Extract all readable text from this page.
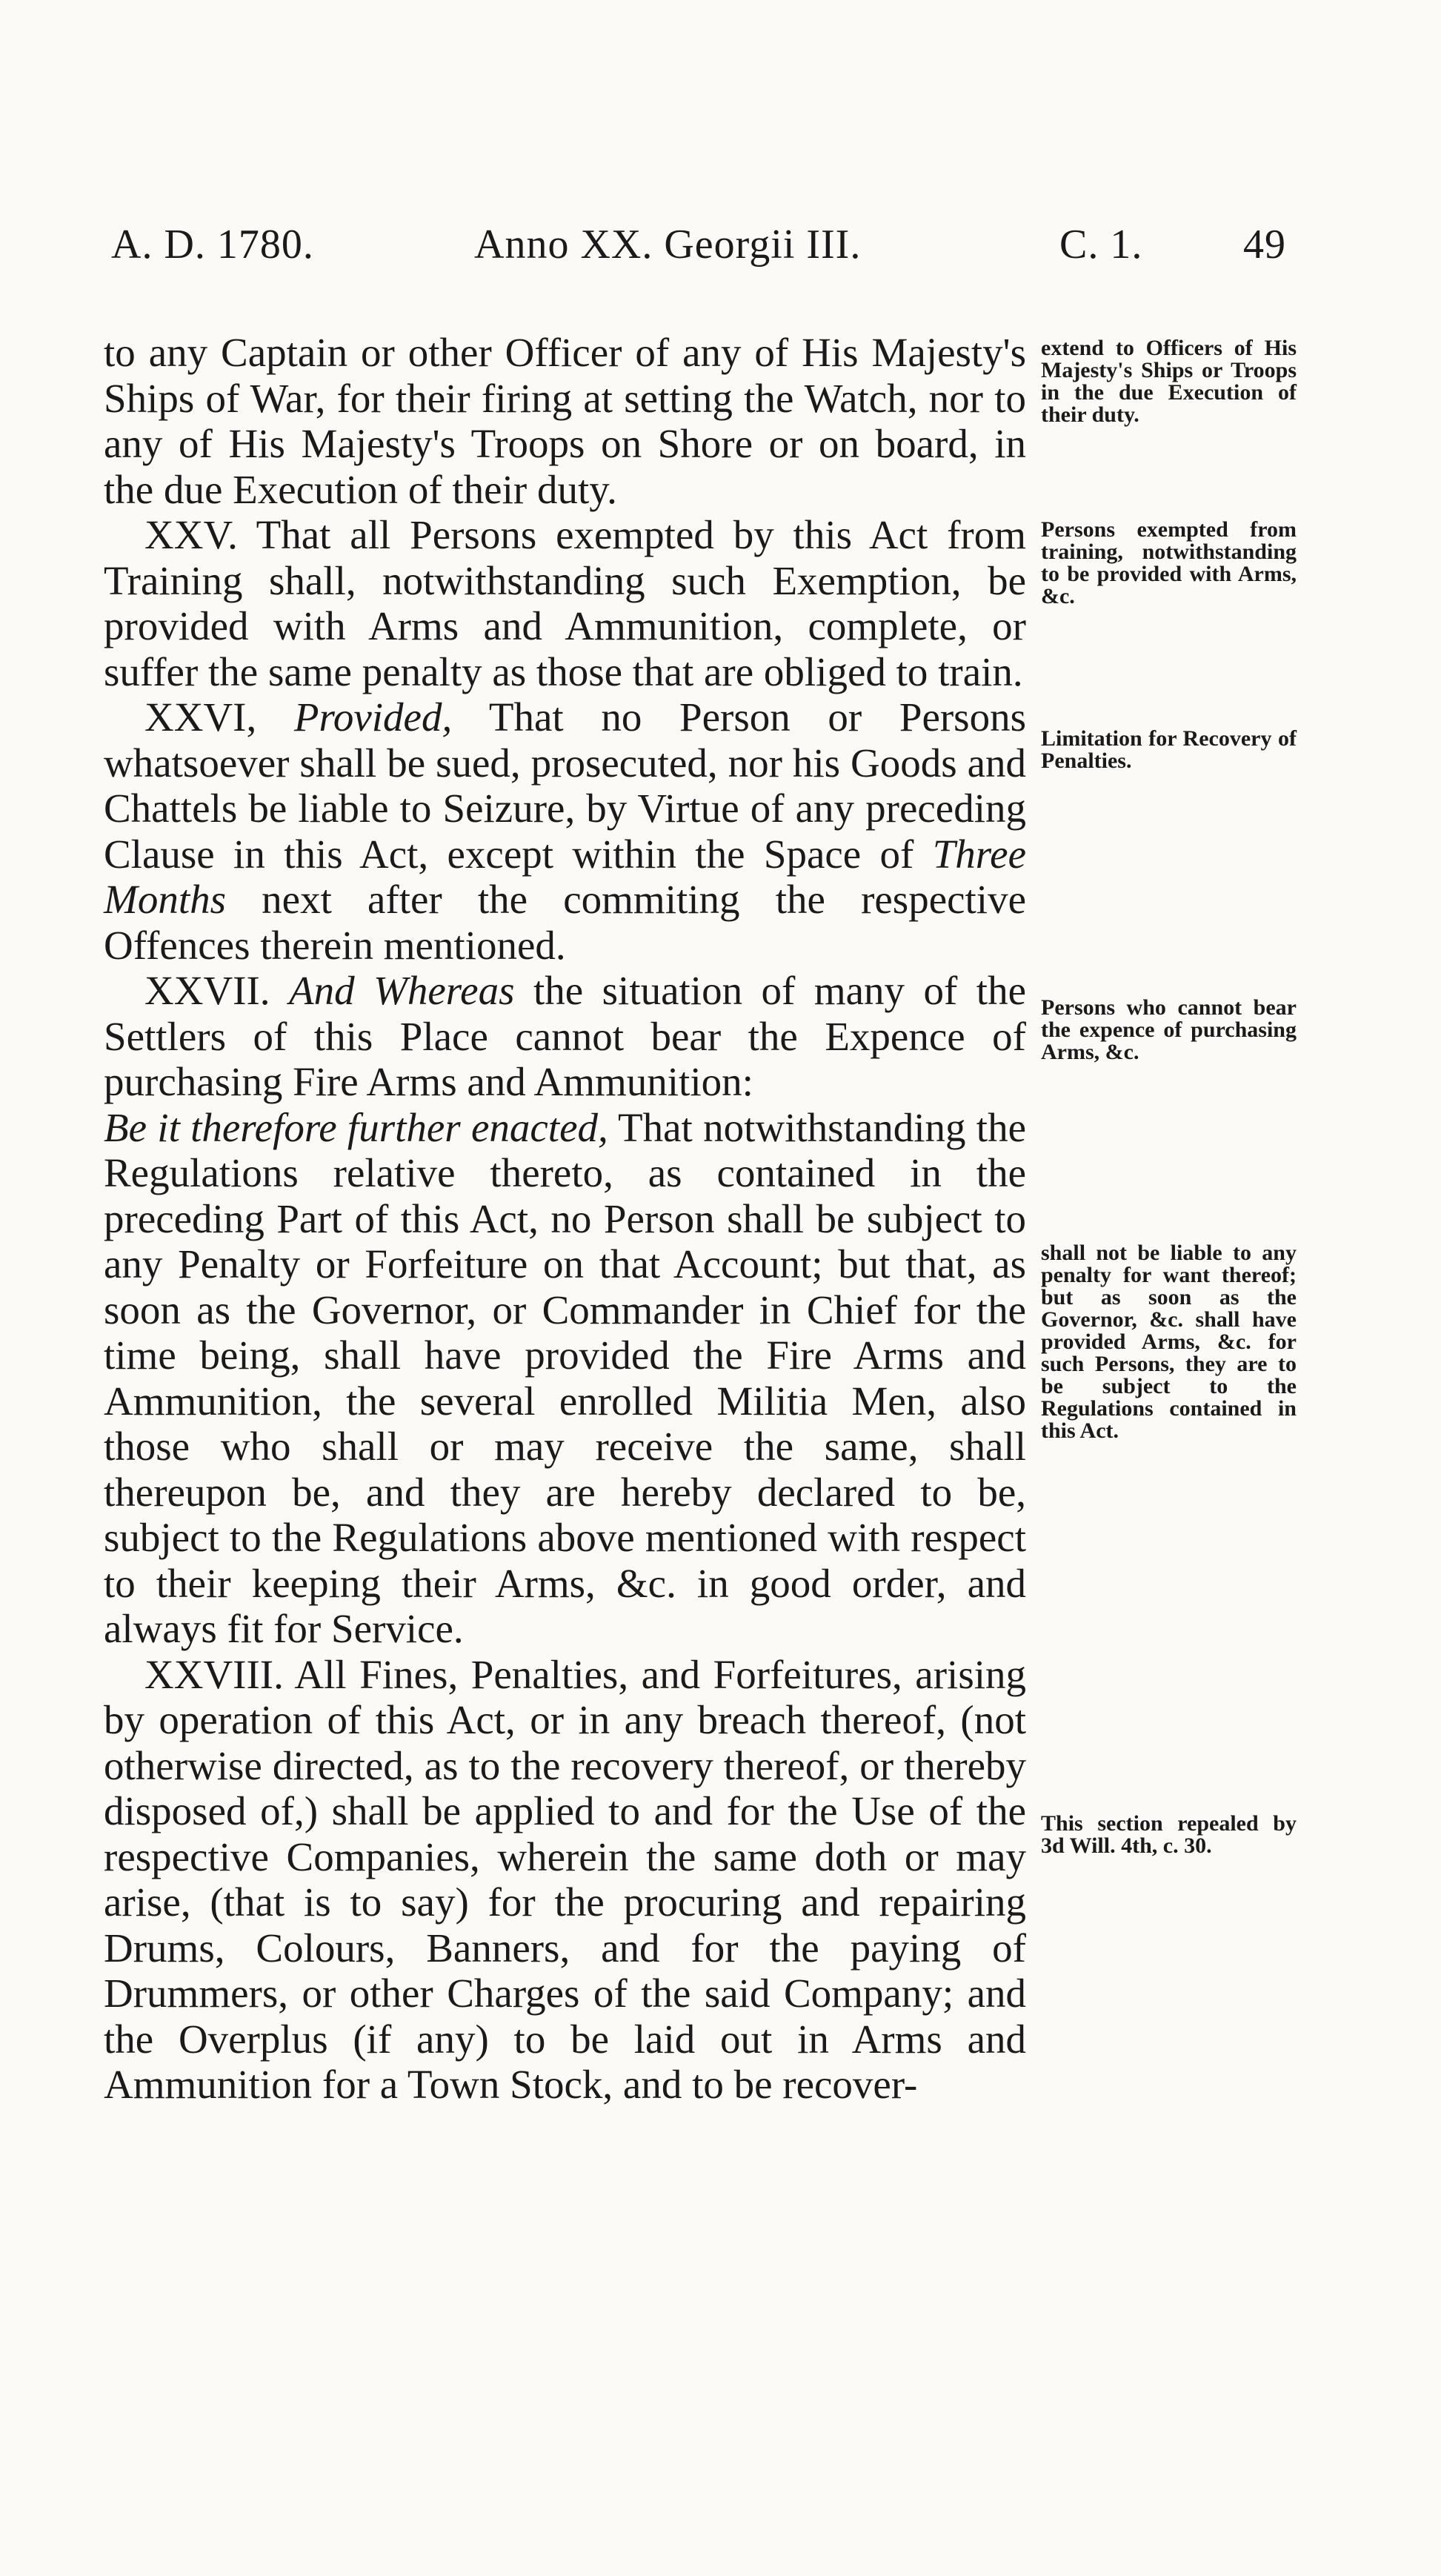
A. D. 1780.	Anno XX. Georgii III.	C. 1. 49

to any Captain or other Officer of any of His Majesty's Ships of War, for their firing at setting the Watch, nor to any of His Majesty's Troops on Shore or on board, in the due Execution of their duty.

XXV. That all Persons exempted by this Act from Training shall, notwithstanding such Exemption, be provided with Arms and Ammunition, complete, or suffer the same penalty as those that are obliged to train.

XXVI, Provided, That no Person or Persons whatsoever shall be sued, prosecuted, nor his Goods and Chattels be liable to Seizure, by Virtue of any preceding Clause in this Act, except within the Space of Three Months next after the commiting the respective Offences therein mentioned.

XXVII. And Whereas the situation of many of the Settlers of this Place cannot bear the Expence of purchasing Fire Arms and Ammunition:

Be it therefore further enacted, That notwithstanding the Regulations relative thereto, as contained in the preceding Part of this Act, no Person shall be subject to any Penalty or Forfeiture on that Account; but that, as soon as the Governor, or Commander in Chief for the time being, shall have provided the Fire Arms and Ammunition, the several enrolled Militia Men, also those who shall or may receive the same, shall thereupon be, and they are hereby declared to be, subject to the Regulations above mentioned with respect to their keeping their Arms, &c. in good order, and always fit for Service.

XXVIII. All Fines, Penalties, and Forfeitures, arising by operation of this Act, or in any breach thereof, (not otherwise directed, as to the recovery thereof, or thereby disposed of,) shall be applied to and for the Use of the respective Companies, wherein the same doth or may arise, (that is to say) for the procuring and repairing Drums, Colours, Banners, and for the paying of Drummers, or other Charges of the said Company; and the Overplus (if any) to be laid out in Arms and Ammunition for a Town Stock, and to be recover-

extend to Officers of His Majesty's Ships or Troops in the due Execution of their duty.
Persons exempted from training, notwithstanding to be provided with Arms, &c.
Limitation for Recovery of Penalties.
Persons who cannot bear the expence of purchasing Arms, &c.
shall not be liable to any penalty for want thereof; but as soon as the Governor, &c. shall have provided Arms, &c. for such Persons, they are to be subject to the Regulations contained in this Act.
This section repealed by 3d Will. 4th, c. 30.
